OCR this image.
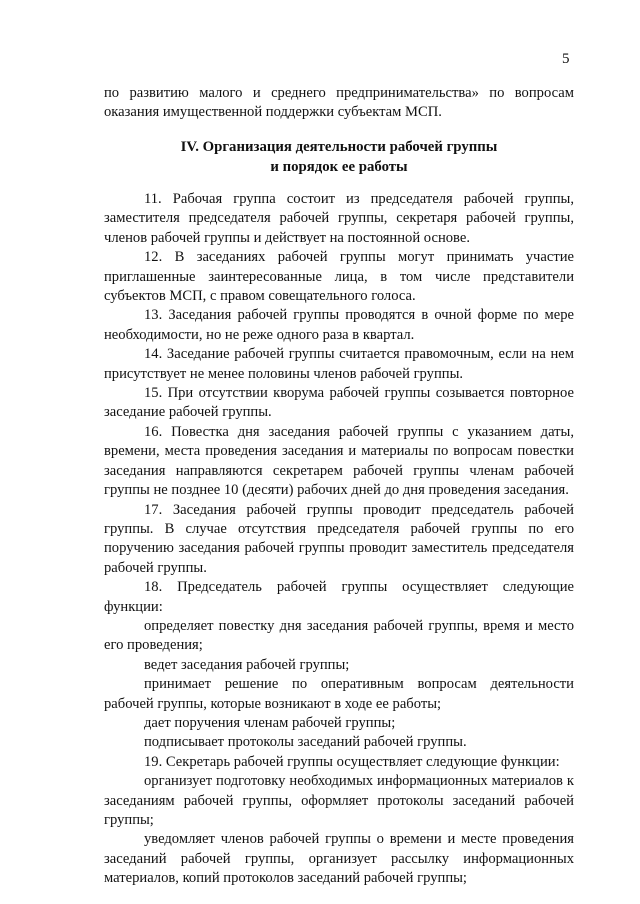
5

по развитию малого и среднего предпринимательства» по вопросам оказания имущественной поддержки субъектам МСП.

IV. Организация деятельности рабочей группы
и порядок ее работы

11. Рабочая группа состоит из председателя рабочей группы, заместителя председателя рабочей группы, секретаря рабочей группы, членов рабочей группы и действует на постоянной основе.

12. В заседаниях рабочей группы могут принимать участие приглашенные заинтересованные лица, в том числе представители субъектов МСП, с правом совещательного голоса.

13. Заседания рабочей группы проводятся в очной форме по мере необходимости, но не реже одного раза в квартал.

14. Заседание рабочей группы считается правомочным, если на нем присутствует не менее половины членов рабочей группы.

15. При отсутствии кворума рабочей группы созывается повторное заседание рабочей группы.

16. Повестка дня заседания рабочей группы с указанием даты, времени, места проведения заседания и материалы по вопросам повестки заседания направляются секретарем рабочей группы членам рабочей группы не позднее 10 (десяти) рабочих дней до дня проведения заседания.

17. Заседания рабочей группы проводит председатель рабочей группы. В случае отсутствия председателя рабочей группы по его поручению заседания рабочей группы проводит заместитель председателя рабочей группы.

18. Председатель рабочей группы осуществляет следующие функции:

определяет повестку дня заседания рабочей группы, время и место его проведения;

ведет заседания рабочей группы;

принимает решение по оперативным вопросам деятельности рабочей группы, которые возникают в ходе ее работы;

дает поручения членам рабочей группы;

подписывает протоколы заседаний рабочей группы.

19. Секретарь рабочей группы осуществляет следующие функции:

организует подготовку необходимых информационных материалов к заседаниям рабочей группы, оформляет протоколы заседаний рабочей группы;

уведомляет членов рабочей группы о времени и месте проведения заседаний рабочей группы, организует рассылку информационных материалов, копий протоколов заседаний рабочей группы;
